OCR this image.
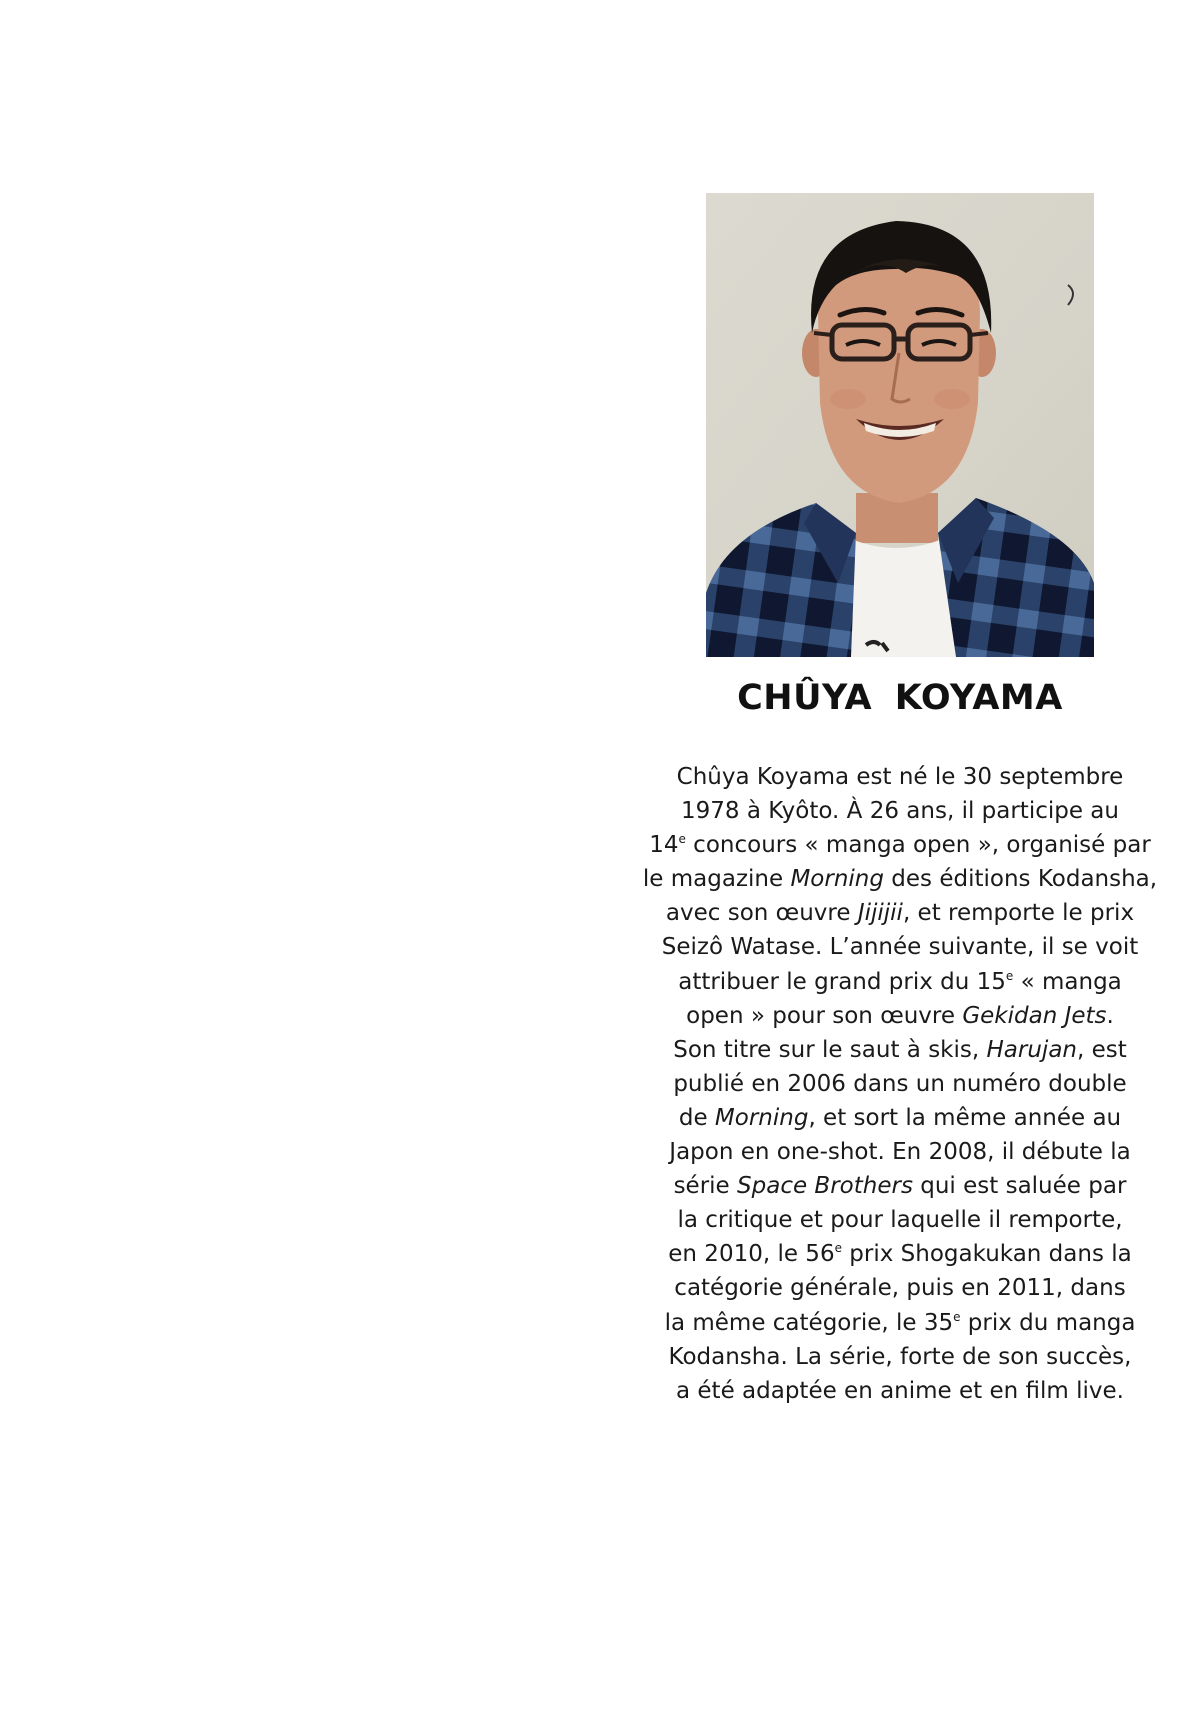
CHÛYA KOYAMA
Chûya Koyama est né le 30 septembre
1978 à Kyôto. À 26 ans, il participe au
14e concours « manga open », organisé par
le magazine Morning des éditions Kodansha,
avec son œuvre Jijijii, et remporte le prix
Seizô Watase. L’année suivante, il se voit
attribuer le grand prix du 15e « manga
open » pour son œuvre Gekidan Jets.
Son titre sur le saut à skis, Harujan, est
publié en 2006 dans un numéro double
de Morning, et sort la même année au
Japon en one-shot. En 2008, il débute la
série Space Brothers qui est saluée par
la critique et pour laquelle il remporte,
en 2010, le 56e prix Shogakukan dans la
catégorie générale, puis en 2011, dans
la même catégorie, le 35e prix du manga
Kodansha. La série, forte de son succès,
a été adaptée en anime et en film live.
